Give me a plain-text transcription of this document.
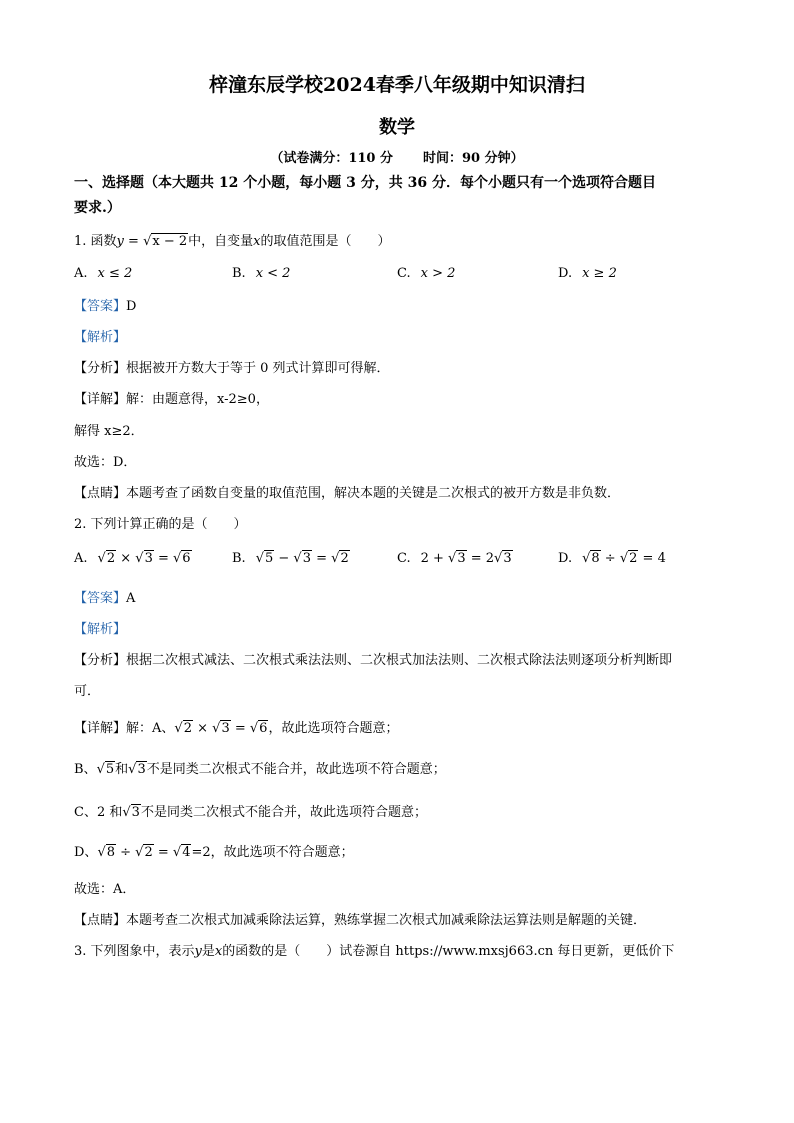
梓潼东辰学校2024春季八年级期中知识清扫
数学
（试卷满分：110 分 时间：90 分钟）
一、选择题（本大题共 12 个小题，每小题 3 分，共 36 分．每个小题只有一个选项符合题目
要求.）
1. 函数y = √x − 2中，自变量x的取值范围是（　　）
A. x ≤ 2	B. x < 2	C. x > 2	D. x ≥ 2
【答案】D
【解析】
【分析】根据被开方数大于等于 0 列式计算即可得解．
【详解】解：由题意得，x-2≥0，
解得 x≥2．
故选：D．
【点睛】本题考查了函数自变量的取值范围，解决本题的关键是二次根式的被开方数是非负数．
2. 下列计算正确的是（　　）
A. √2 × √3 = √6	B. √5 − √3 = √2	C. 2 + √3 = 2√3	D. √8 ÷ √2 = 4
【答案】A
【解析】
【分析】根据二次根式减法、二次根式乘法法则、二次根式加法法则、二次根式除法法则逐项分析判断即
可．
【详解】解：A、√2 × √3 = √6，故此选项符合题意；
B、√5和√3不是同类二次根式不能合并，故此选项不符合题意；
C、2 和√3不是同类二次根式不能合并，故此选项符合题意；
D、√8 ÷ √2 = √4=2，故此选项不符合题意；
故选：A．
【点睛】本题考查二次根式加减乘除法运算，熟练掌握二次根式加减乘除法运算法则是解题的关键．
3. 下列图象中，表示y是x的函数的是（　　）试卷源自 https://www.mxsj663.cn 每日更新，更低价下
